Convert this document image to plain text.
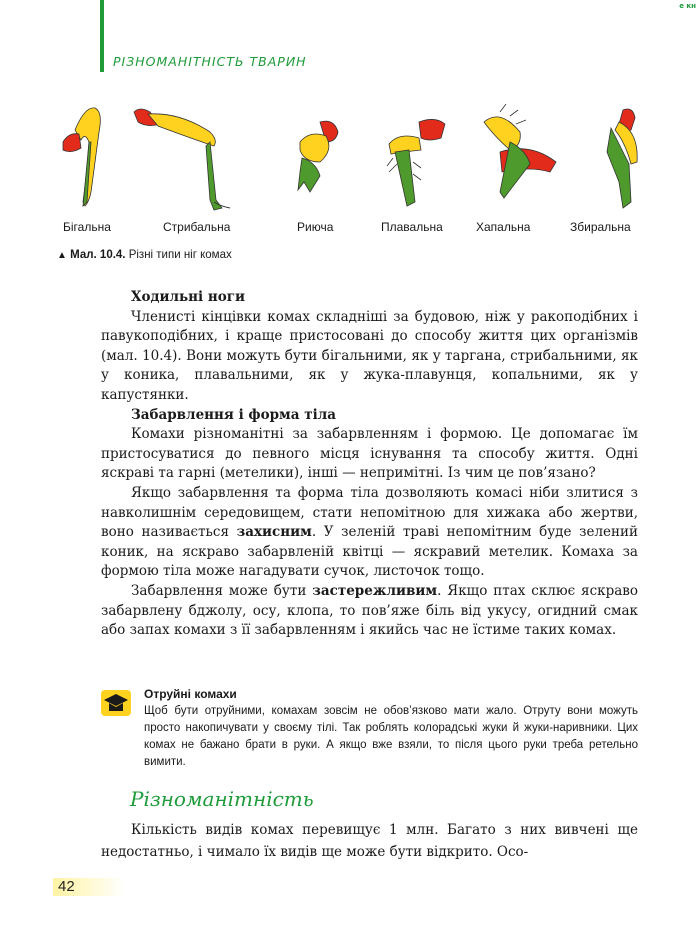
РІЗНОМАНІТНІСТЬ ТВАРИН
e кн
Бігальна	Стрибальна	Риюча	Плавальна	Хапальна	Збиральна
▲ Мал. 10.4. Різні типи ніг комах
Ходильні ноги

Членисті кінцівки комах складніші за будовою, ніж у ракоподібних і павукоподібних, і краще пристосовані до способу життя цих організмів (мал. 10.4). Вони можуть бути бігальними, як у таргана, стрибальними, як у коника, плавальними, як у жука-плавунця, копальними, як у капустянки.

Забарвлення і форма тіла

Комахи різноманітні за забарвленням і формою. Це допомагає їм пристосуватися до певного місця існування та способу життя. Одні яскраві та гарні (метелики), інші — непримітні. Із чим це пов’язано?

Якщо забарвлення та форма тіла дозволяють комасі ніби злитися з навколишнім середовищем, стати непомітною для хижака або жертви, воно називається захисним. У зеленій траві непомітним буде зелений коник, на яскраво забарвленій квітці — яскравий метелик. Комаха за формою тіла може нагадувати сучок, листочок тощо.

Забарвлення може бути застережливим. Якщо птах склює яскраво забарвлену бджолу, осу, клопа, то пов’яже біль від укусу, огидний смак або запах комахи з її забарвленням і якийсь час не їстиме таких комах.

Отруйні комахи

Щоб бути отруйними, комахам зовсім не обов’язково мати жало. Отруту вони можуть просто накопичувати у своєму тілі. Так роблять колорадські жуки й жуки-наривники. Цих комах не бажано брати в руки. А якщо вже взяли, то після цього руки треба ретельно вимити.

Різноманітність

Кількість видів комах перевищує 1 млн. Багато з них вивчені ще недостатньо, і чимало їх видів ще може бути відкрито. Осо-

42
